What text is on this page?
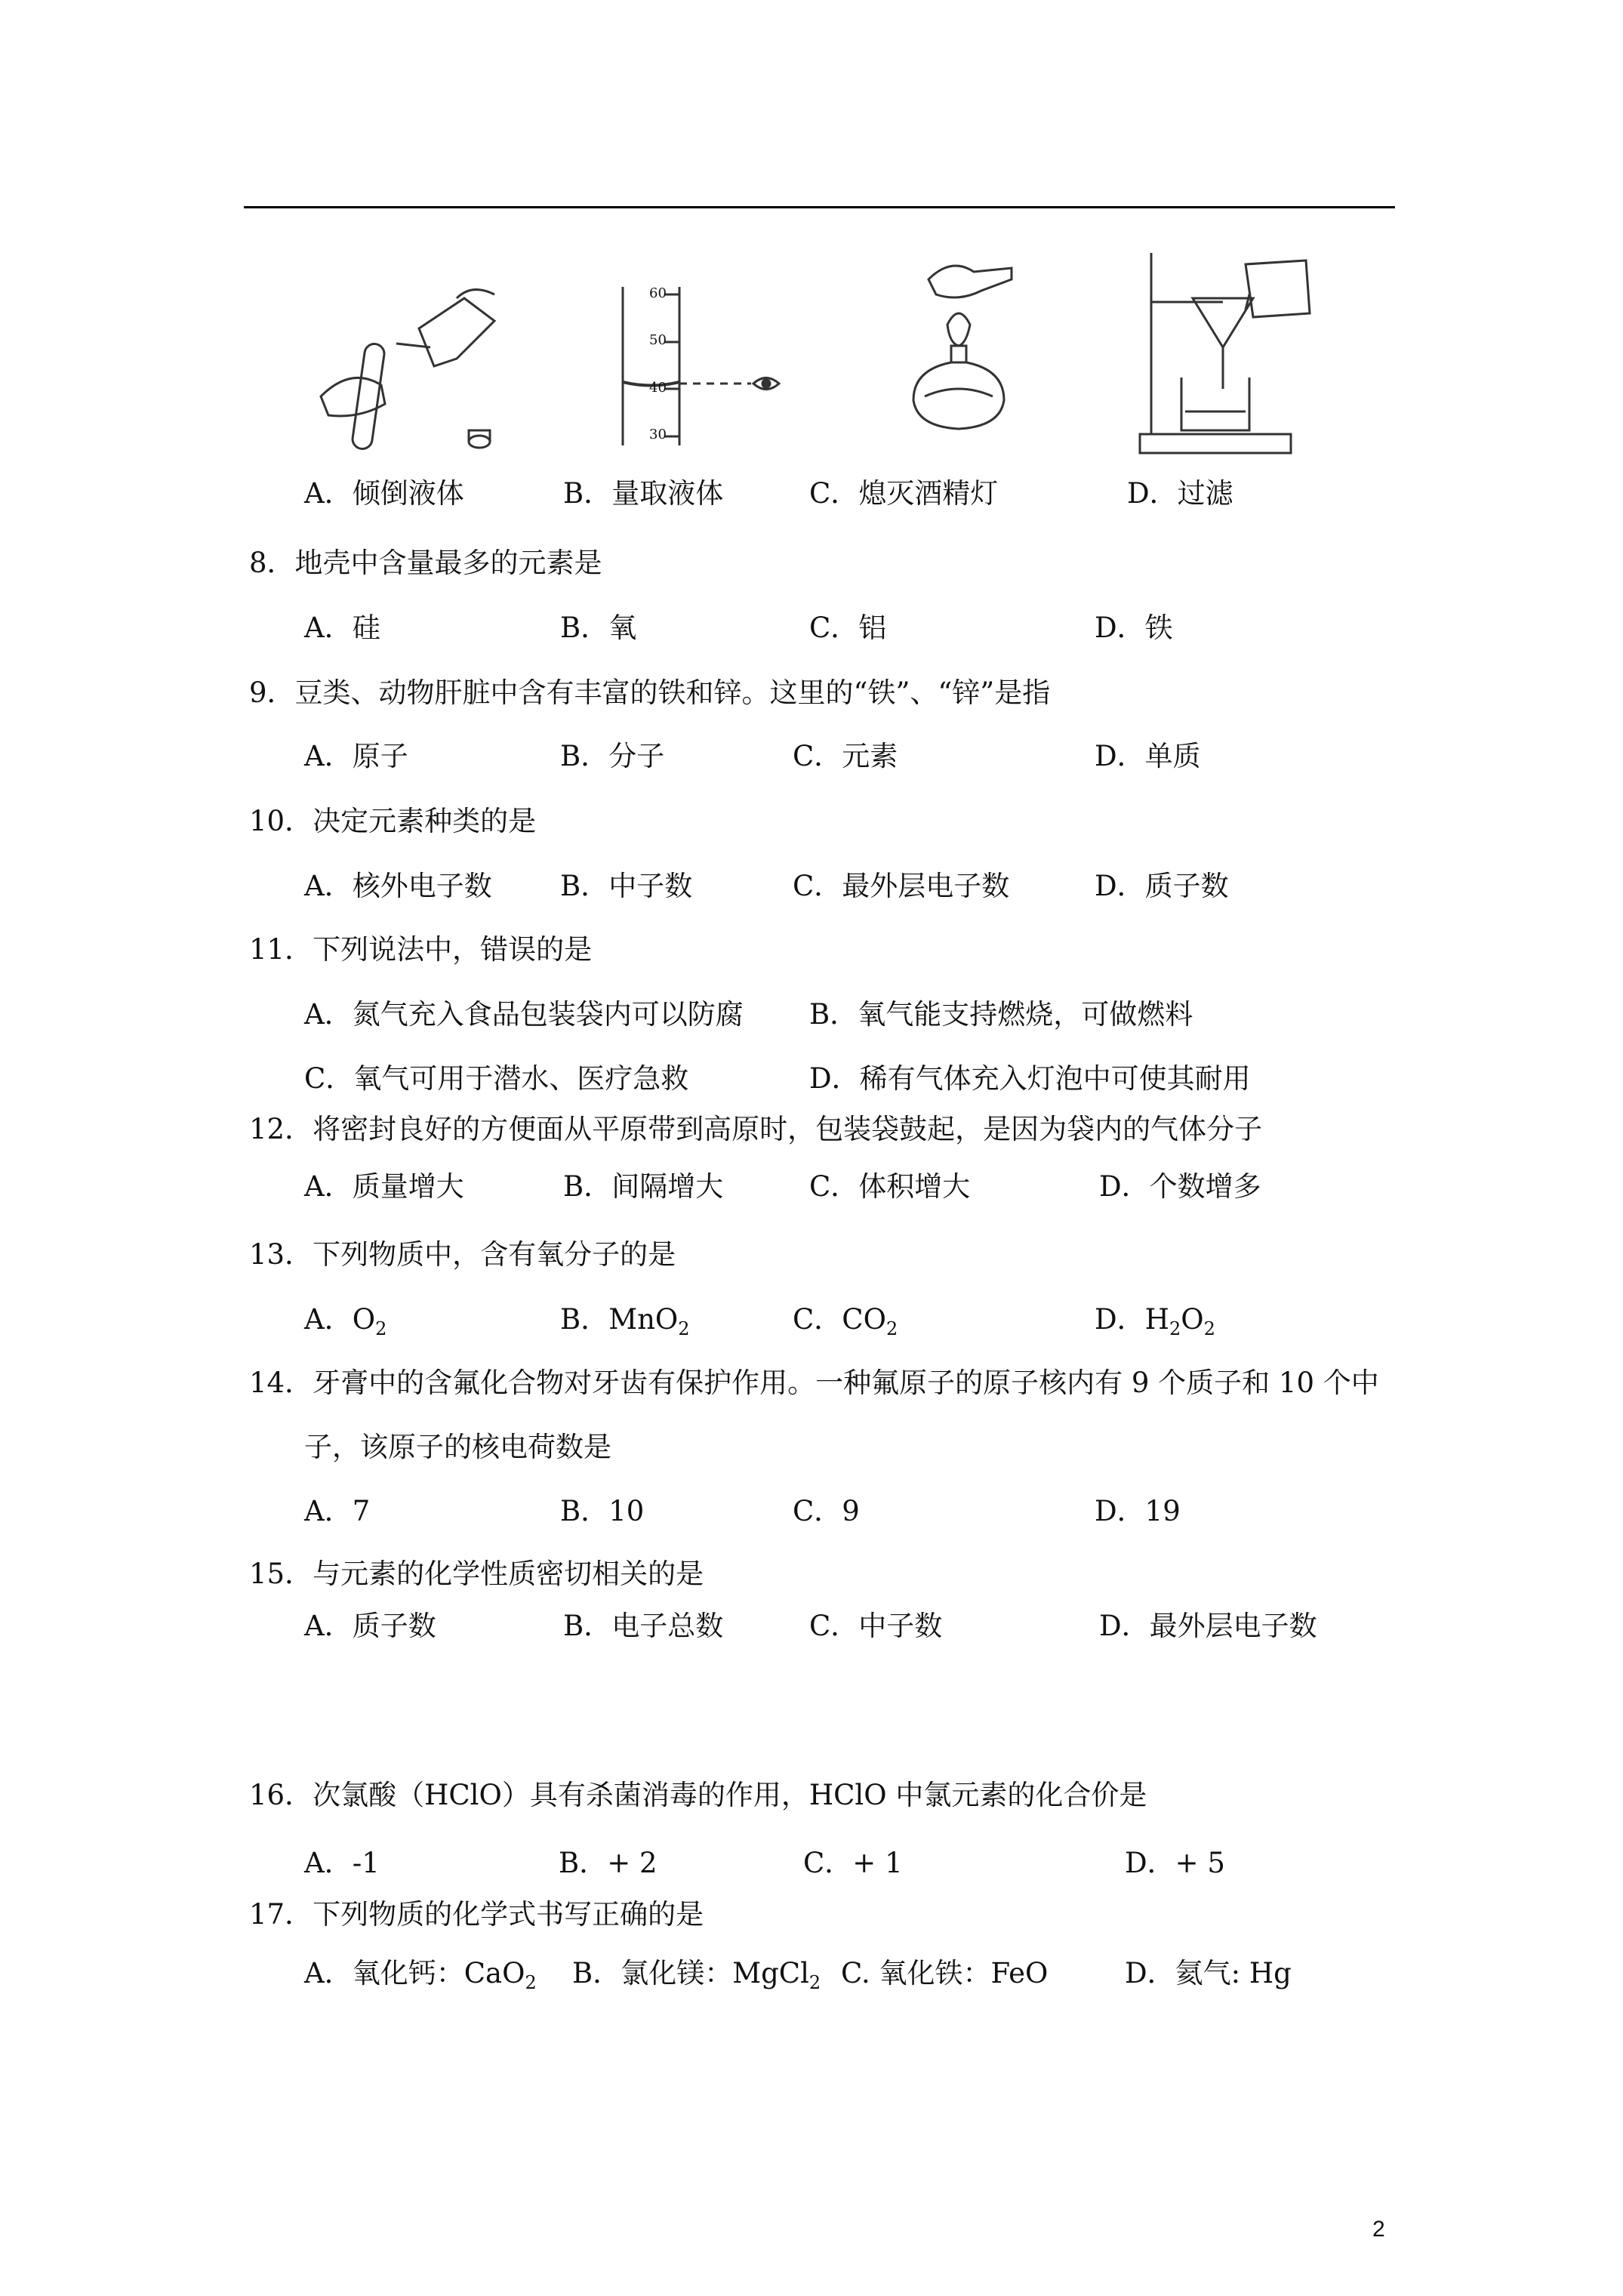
60
50
40
30
A．倾倒液体	B．量取液体	C．熄灭酒精灯	D．过滤
8．地壳中含量最多的元素是
A．硅	B．氧	C．铝	D．铁
9．豆类、动物肝脏中含有丰富的铁和锌。这里的“铁”、“锌”是指
A．原子	B．分子	C．元素	D．单质
10．决定元素种类的是
A．核外电子数 B．中子数	C．最外层电子数	D．质子数
11．下列说法中，错误的是
A．氮气充入食品包装袋内可以防腐 B．氧气能支持燃烧，可做燃料
C．氧气可用于潜水、医疗急救	D．稀有气体充入灯泡中可使其耐用
12．将密封良好的方便面从平原带到高原时，包装袋鼓起，是因为袋内的气体分子
A．质量增大	B．间隔增大	C．体积增大	D．个数增多
13．下列物质中，含有氧分子的是
A．$O_2$	B．MnO$_2$	C．$CO_2$	D．$H_2O_2$
14．牙膏中的含氟化合物对牙齿有保护作用。一种氟原子的原子核内有 9 个质子和 10 个中
子，该原子的核电荷数是
A．7	B．10	C．9	D．19
15．与元素的化学性质密切相关的是
A．质子数	B．电子总数	C．中子数	D．最外层电子数
16．次氯酸（HClO）具有杀菌消毒的作用，HClO 中氯元素的化合价是
A．-1	B．+ 2	C．+ 1	D．+ 5
17．下列物质的化学式书写正确的是
A．氧化钙：CaO$_2$ B．氯化镁：MgCl$_2$ C. 氧化铁：FeO	D．氦气: Hg
2
